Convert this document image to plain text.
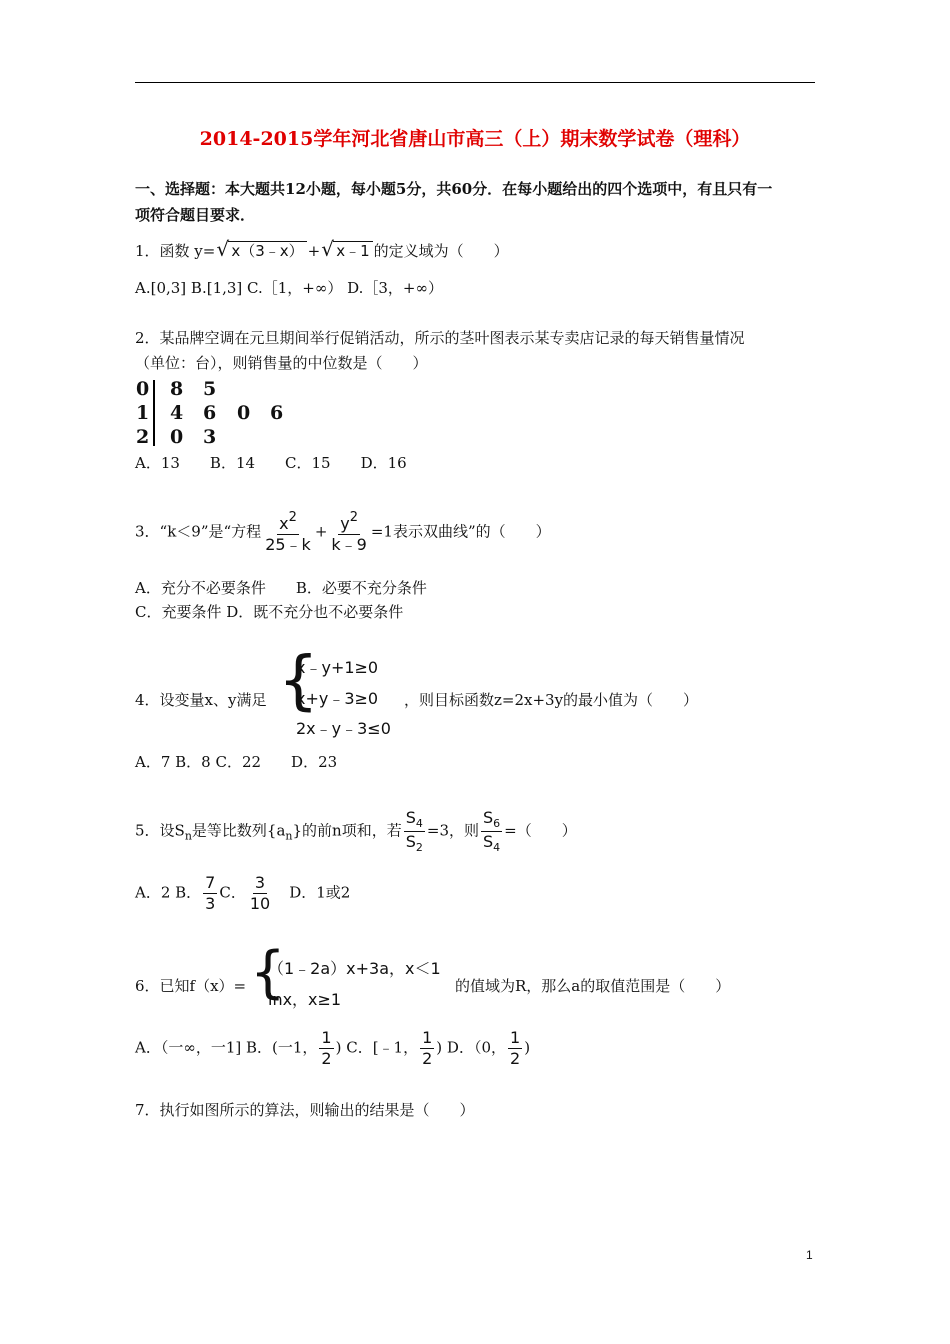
2014-2015学年河北省唐山市高三（上）期末数学试卷（理科）
一、选择题：本大题共12小题，每小题5分，共60分．在每小题给出的四个选项中，有且只有一
项符合题目要求．
1．函数 y= √ x（3﹣x） + √ x﹣1 的定义域为（　　）
A.[0,3] B.[1,3] C.［1，+∞） D.［3，+∞）
2．某品牌空调在元旦期间举行促销活动，所示的茎叶图表示某专卖店记录的每天销售量情况
（单位：台），则销售量的中位数是（　　）
0 8 5
1 4 6 0 6
2 0 3
A．13　　B．14　　C．15　　D．16
3．“k＜9”是“方程 $\frac{x^2}{25﹣k} + \frac{y^2}{k﹣9} =1$表示双曲线”的（　　）
A．充分不必要条件　　B．必要不充分条件
C．充要条件 D．既不充分也不必要条件
4．设变量x、y满足 {
x﹣y+1≥0
x+y﹣3≥0
2x﹣y﹣3≤0
，则目标函数z=2x+3y的最小值为（　　）
A．7 B．8 C．22　　D．23
5．设$S_n$是等比数列$\{a_n\}$的前n项和，若 $\frac{S_4}{S_2} =3$，则 $\frac{S_6}{S_4}$ =（　　）
A．2 B． $\frac{7}{3}$ C． $\frac{3}{10}$ 　D．1或2
6．已知f（x）= {
（1﹣2a）x+3a，x＜1
lnx，x≥1
的值域为R，那么a的取值范围是（　　）
A．（一∞，一1] B．(一1， $\frac{1}{2}$ ) C．[﹣1， $\frac{1}{2}$ ) D．（0， $\frac{1}{2}$ )
7．执行如图所示的算法，则输出的结果是（　　）
1
